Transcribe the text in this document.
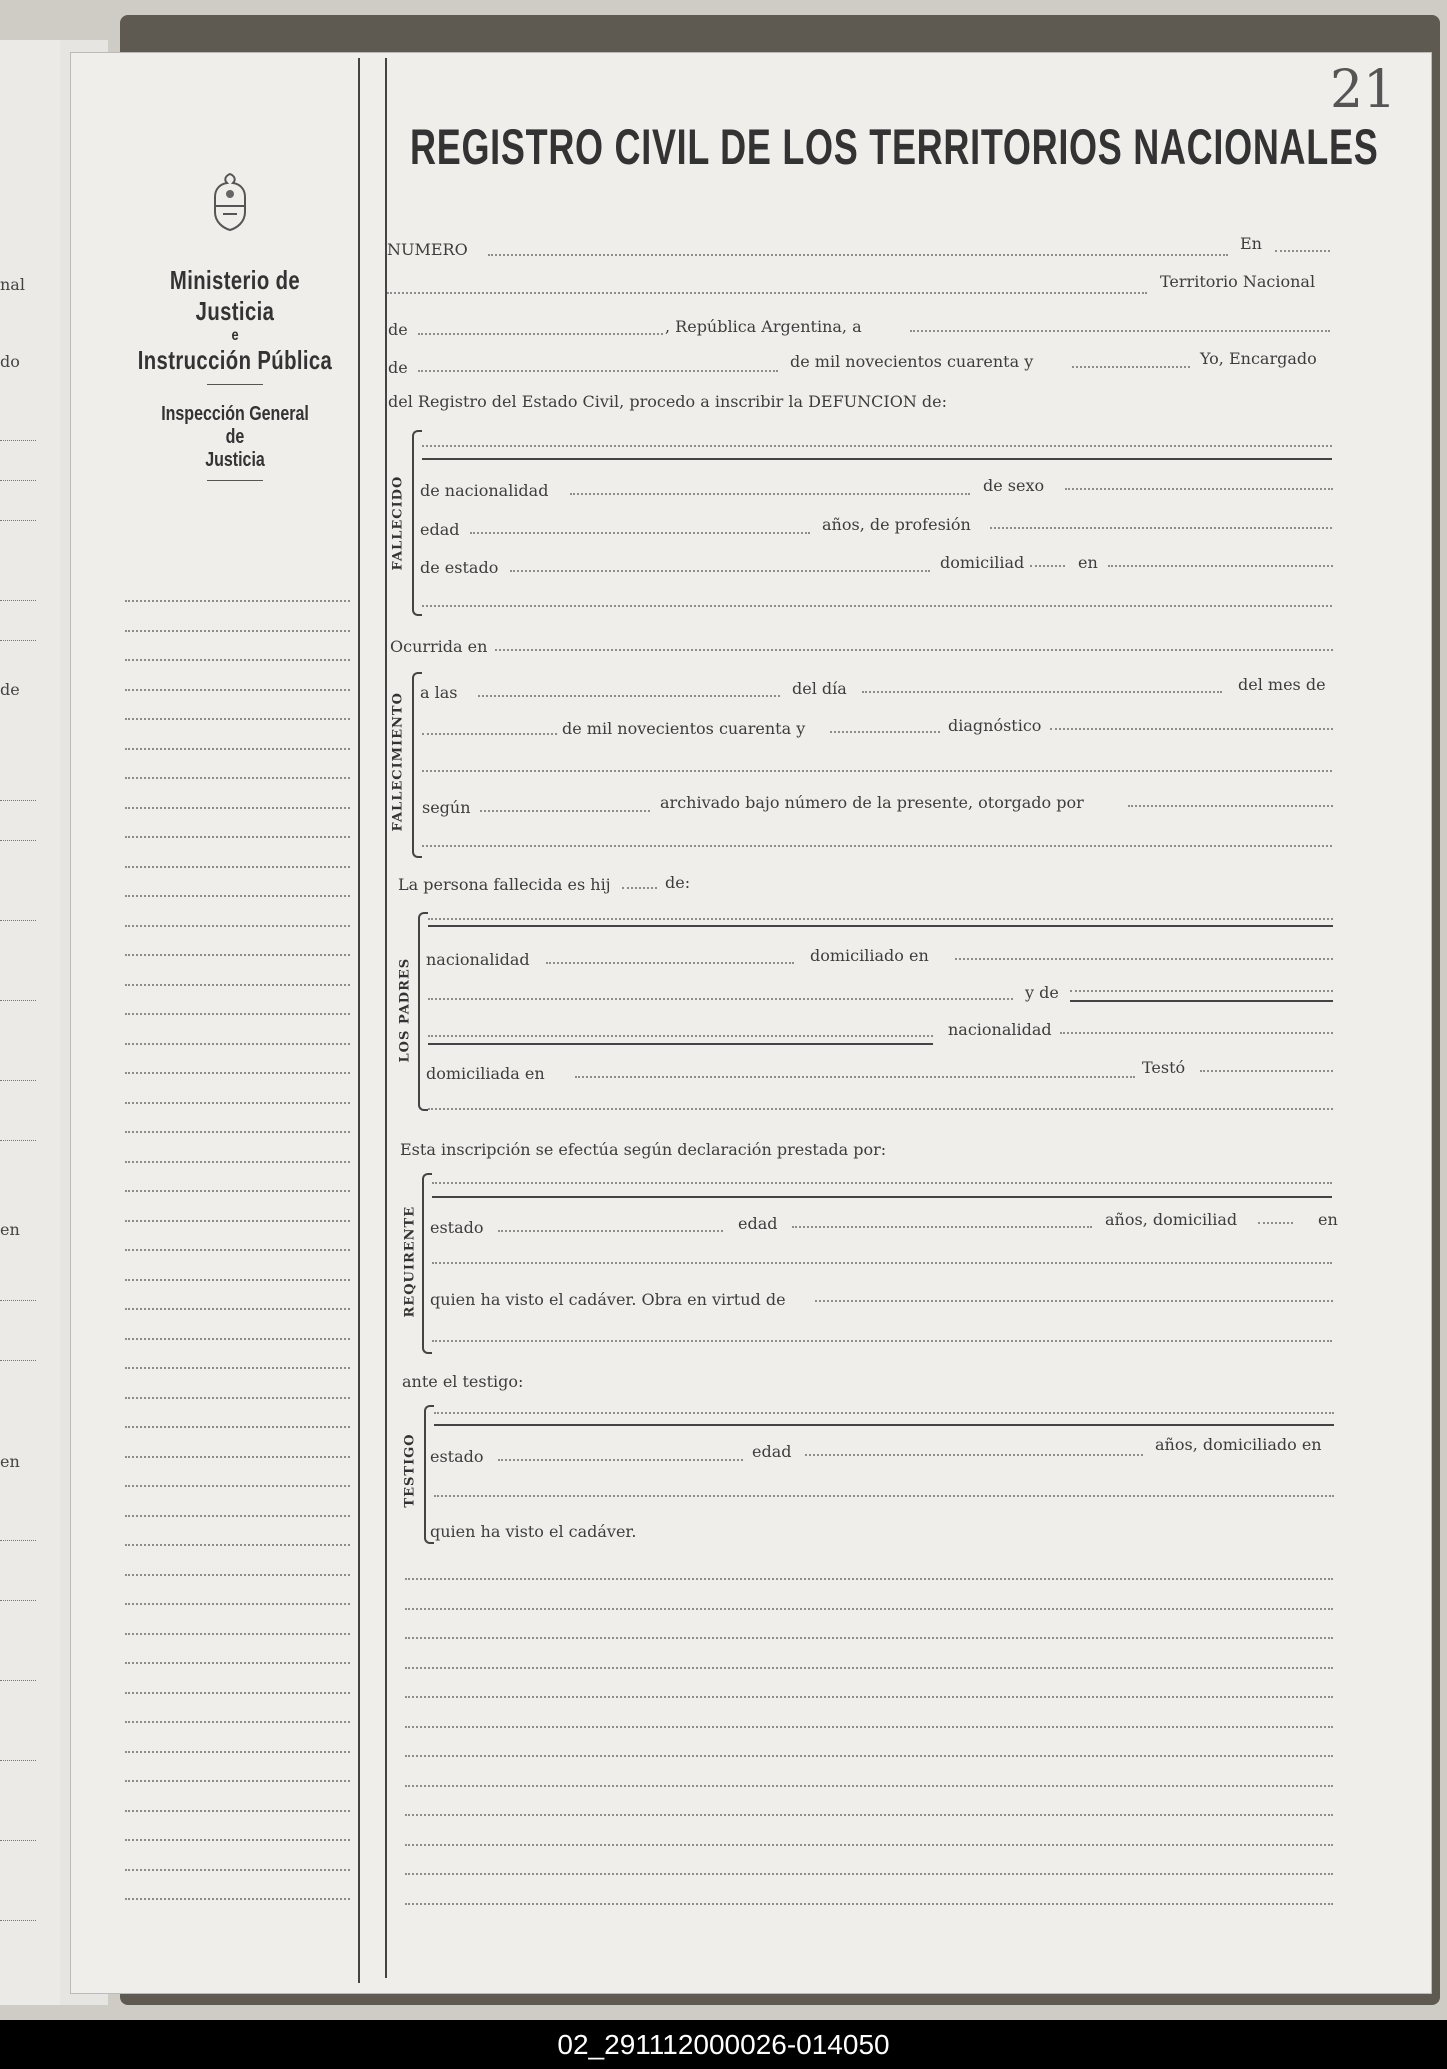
nal
do
de
en
en
Ministerio de Justicia
e
Instrucción Pública
Inspección General
de
Justicia
21
REGISTRO CIVIL DE LOS TERRITORIOS NACIONALES
NUMERO	En
Territorio Nacional
de	, República Argentina, a
de	de mil novecientos cuarenta y	Yo, Encargado
del Registro del Estado Civil, procedo a inscribir la DEFUNCION de:
FALLECIDO de nacionalidad	de sexo
edad	años, de profesión
de estado	domiciliad	en
Ocurrida en
FALLECIMIENTO a las	del día	del mes de
de mil novecientos cuarenta y	diagnóstico
según	archivado bajo número de la presente, otorgado por
La persona fallecida es hij	de:
LOS PADRES nacionalidad	domiciliado en
y de
nacionalidad
domiciliada en	Testó
Esta inscripción se efectúa según declaración prestada por:
REQUIRENTE estado	edad	años, domiciliad	en
quien ha visto el cadáver. Obra en virtud de
ante el testigo:
TESTIGO estado	edad	años, domiciliado en
quien ha visto el cadáver.
02_291112000026-014050
